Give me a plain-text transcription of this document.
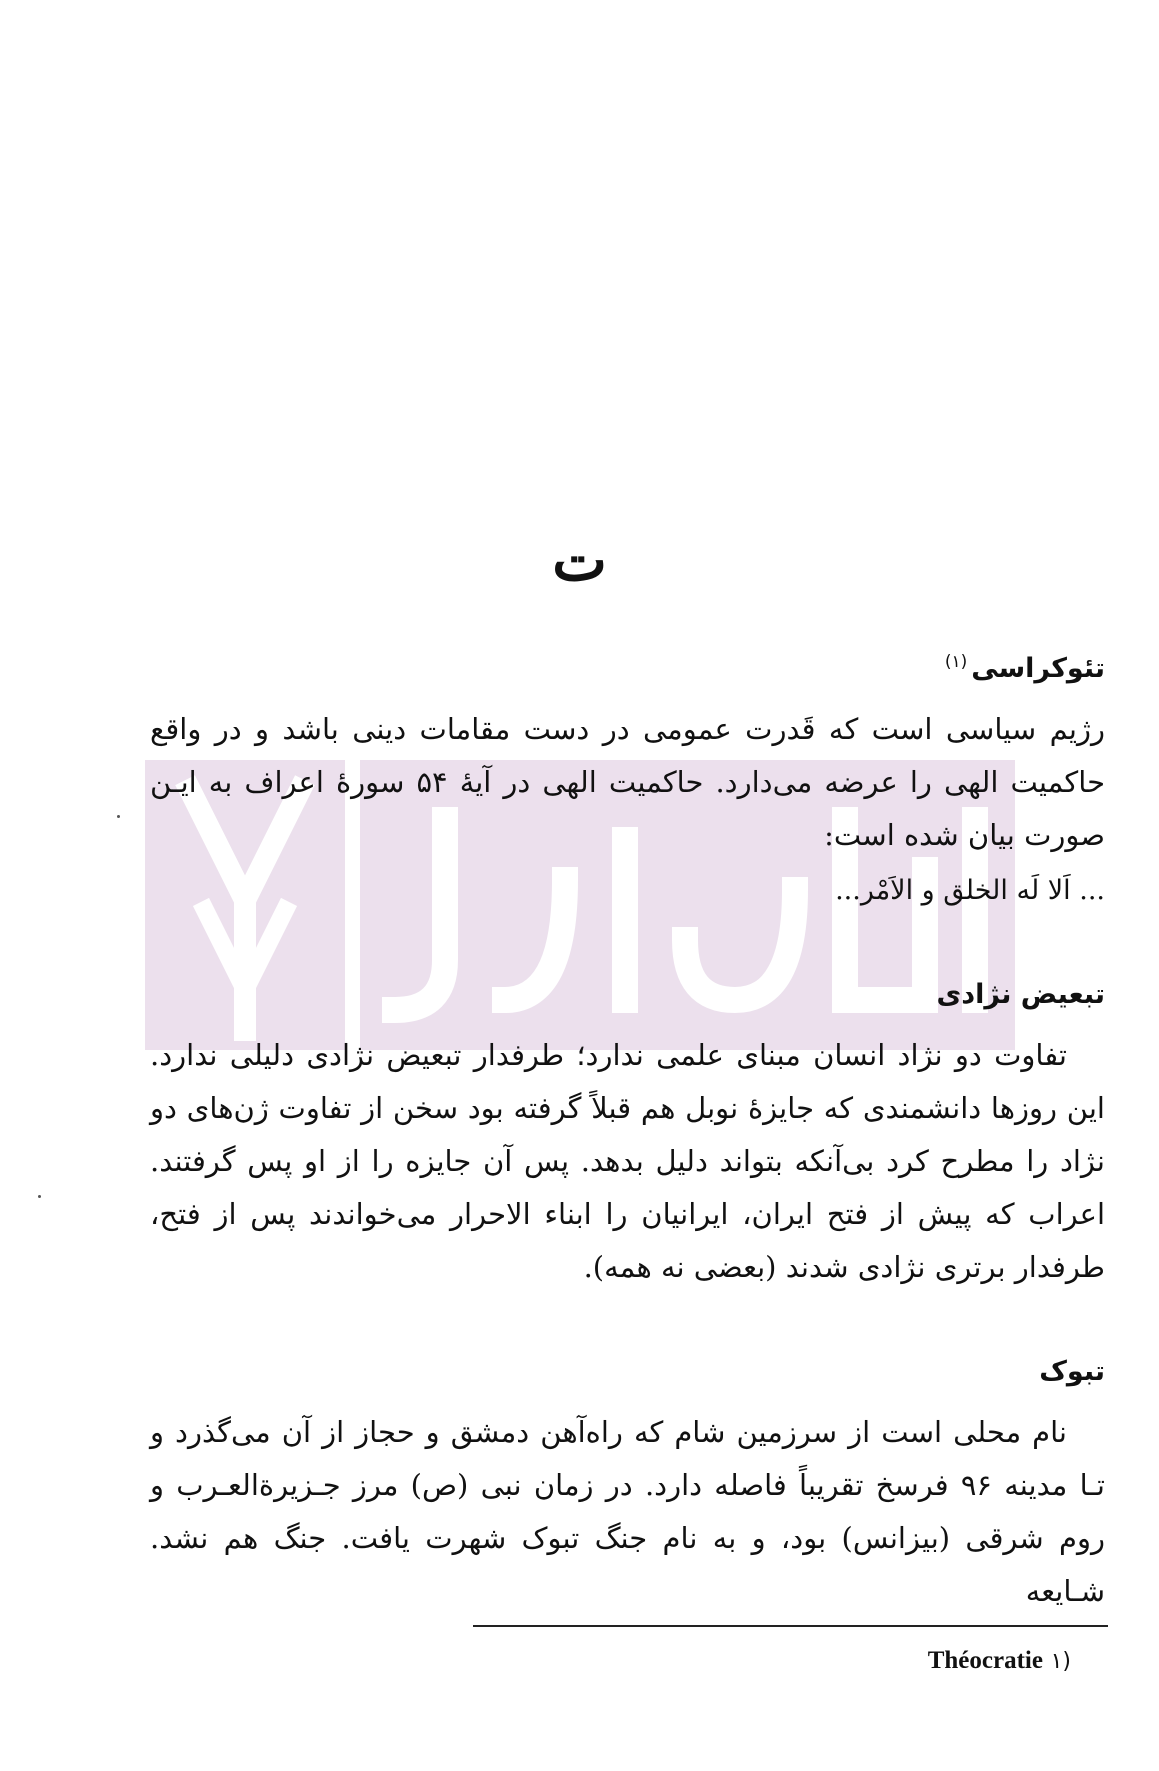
ت
تئوکراسی$^{(۱)}$

رژیم سیاسی است که قَدرت عمومی در دست مقامات دینی باشد و در واقع حاکمیت الهی را عرضه می‌دارد. حاکمیت الهی در آیهٔ ۵۴ سورهٔ اعراف به ایـن صورت بیان شده است:

... اَلا لَه الخلق و الاَمْر...
تبعیض نژادی

تفاوت دو نژاد انسان مبنای علمی ندارد؛ طرفدار تبعیض نژادی دلیلی ندارد. این روزها دانشمندی که جایزهٔ نوبل هم قبلاً گرفته بود سخن از تفاوت ژن‌های دو نژاد را مطرح کرد بی‌آنکه بتواند دلیل بدهد. پس آن جایزه را از او پس گرفتند. اعراب که پیش از فتح ایران، ایرانیان را ابناء الاحرار می‌خواندند پس از فتح، طرفدار برتری نژادی شدند (بعضی نه همه).

تبوک

نام محلی است از سرزمین شام که راه‌آهن دمشق و حجاز از آن می‌گذرد و تـا مدینه ۹۶ فرسخ تقریباً فاصله دارد. در زمان نبی (ص) مرز جـزیرةالعـرب و روم شرقی (بیزانس) بود، و به نام جنگ تبوک شهرت یافت. جنگ هم نشد. شـایعه

(۱ Théocratie
